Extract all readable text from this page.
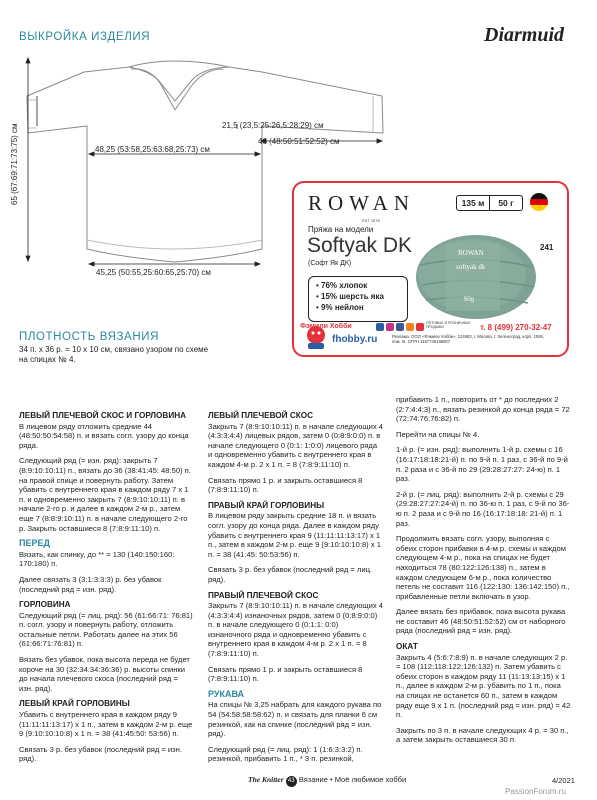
ВЫКРОЙКА ИЗДЕЛИЯ	Diarmuid
21,5 (23,5:25:26,5:28:29) см
48,25 (53:58,25:63:68,25:73) см
46 (48:50:51:52:52) см
65 (67:69:71:73:75) см
45,25 (50:55,25:60:65,25:70) см
ПЛОТНОСТЬ ВЯЗАНИЯ
34 п. х 36 р. = 10 х 10 см, связано узором по схеме на спицах № 4.
ROWAN
EST 1978
135 м	50 г
Пряжа на модели
Softyak DK
(Софт Як ДК)
• 76% хлопок
• 15% шерсть яка
• 9% нейлон
ROWAN
softyak dk
50g
241
Фэмили Хобби	ОПТОВЫЕ И РОЗНИЧНЫЕ ПРОДАЖИ	т. 8 (499) 270-32-47
fhobby.ru	Реклама. ООО «Фэмили Хобби», 124683, г. Москва, г. Зеленоград, корп. 1555, пом. III, ОГРН 1167746186807
ЛЕВЫЙ ПЛЕЧЕВОЙ СКОС И ГОРЛОВИНА

В лицевом ряду отложить средние 44 (48:50:50:54:58) п. и вязать согл. узору до конца ряда.

Следующий ряд (= изн. ряд): закрыть 7 (8:9:10:10:11) п., вязать до 36 (38:41:45: 48:50) п. на правой спице и повернуть работу. Затем убавить с внутреннего края в каждом ряду 7 х 1 п. и одновременно закрыть 7 (8:9:10:10:11) п. в начале 2-го р. и далее в каждом 2-м р., затем еще 7 (8:8:9:10:11) п. в начале следующего 2-го р. Закрыть оставшиеся 8 (7:8:9:11:10) п.

ПЕРЕД

Вязать, как спинку, до ** = 130 (140:150:160: 170:180) п.

Далее связать 3 (3:1:3:3:3) р. без убавок (последний ряд = изн. ряд).

ГОРЛОВИНА

Следующий ряд (= лиц. ряд): 56 (61:66:71: 76:81) п. согл. узору и повернуть работу, отложить остальные петли. Работать далее на этих 56 (61:66:71:76:81) п.

Вязать без убавок, пока высота переда не будет короче на 30 (32:34:34:36:36) р. высоты спинки до начала плечевого скоса (последний ряд = изн. ряд).

ЛЕВЫЙ КРАЙ ГОРЛОВИНЫ

Убавить с внутреннего края в каждом ряду 9 (11:11:11:13:17) х 1 п., затем в каждом 2-м р. еще 9 (9:10:10:10:8) х 1 п. = 38 (41:45:50: 53:56) п.

Связать 3 р. без убавок (последний ряд = изн. ряд).

ЛЕВЫЙ ПЛЕЧЕВОЙ СКОС

Закрыть 7 (8:9:10:10:11) п. в начале следующих 4 (4:3:3:4:4) лицевых рядов, затем 0 (0:8:9:0:0) п. в начале следующего 0 (0:1: 1:0:0) лицевого ряда и одновременно убавить с внутреннего края в каждом 4-м р. 2 х 1 п. = 8 (7:8:9:11:10) п.

Связать прямо 1 р. и закрыть оставшиеся 8 (7:8:9:11:10) п.

ПРАВЫЙ КРАЙ ГОРЛОВИНЫ

В лицевом ряду закрыть средние 18 п. и вязать согл. узору до конца ряда. Далее в каждом ряду убавить с внутреннего края 9 (11:11:11:13:17) х 1 п., затем в каждом 2-м р. еще 9 (9:10:10:10:8) х 1 п. = 38 (41:45: 50:53:56) п.

Связать 3 р. без убавок (последний ряд = лиц. ряд).

ПРАВЫЙ ПЛЕЧЕВОЙ СКОС

Закрыть 7 (8:9:10:10:11) п. в начале следующих 4 (4:3:3:4:4) изнаночных рядов, затем 0 (0:8:9:0:0) п. в начале следующего 0 (0:1:1: 0:0) изнаночного ряда и одновременно убавить с внутреннего края в каждом 4-м р. 2 х 1 п. = 8 (7:8:9:11:10) п.

Связать прямо 1 р. и закрыть оставшиеся 8 (7:8:9:11:10) п.

РУКАВА

На спицы № 3,25 набрать для каждого рукава по 54 (54:58:58:58:62) п. и связать для планки 6 см резинкой, как на спинке (последний ряд = изн. ряд).

Следующий ряд (= лиц. ряд): 1 (1:6:3:3:2) п. резинкой, прибавить 1 п., * 3 п. резинкой,

прибавить 1 п., повторить от * до последних 2 (2:7:4:4:3) п., вязать резинкой до конца ряда = 72 (72:74:76:76:82) п.

Перейти на спицы № 4.

1-й р. (= изн. ряд): выполнить 1-й р. схемы с 16 (16:17:18:18:21-й) п. по 9-й п. 1 раз, с 36-й по 9-й п. 2 раза и с 36-й по 29 (29:28:27:27: 24-ю) п. 1 раз.

2-й р. (= лиц. ряд): выполнить 2-й р. схемы с 29 (29:28:27:27:24-й) п. по 36-ю п. 1 раз, с 9-й по 36-ю п. 2 раза и с 9-й по 16 (16:17:18:18: 21-й) п. 1 раз.

Продолжить вязать согл. узору, выполняя с обеих сторон прибавки в 4-м р. схемы и каждом следующем 4-м р., пока на спицах не будет находиться 78 (80:122:126:138) п., затем в каждом следующем 6-м р., пока количество петель не составит 116 (122:130: 136:142:150) п., прибавленные петли включать в узор.

Далее вязать без прибавок, пока высота рукава не составит 46 (48:50:51:52:52) см от наборного ряда (последний ряд = изн. ряд).

ОКАТ

Закрыть 4 (5:6:7:8:9) п. в начале следующих 2 р. = 108 (112:118:122:126:132) п. Затем убавить с обеих сторон в каждом ряду 11 (11:13:13:15) х 1 п., далее в каждом 2-м р. убавить по 1 п., пока на спицах не останется 60 п., затем в каждом ряду еще 9 х 1 п. (последний ряд = изн. ряд) = 42 п.

Закрыть по 3 п. в начале следующих 4 р. = 30 п., а затем закрыть оставшиеся 30 п.

The Knitter 43 Вязание • Моё любимое хобби	4/2021
PassionForum.ru
